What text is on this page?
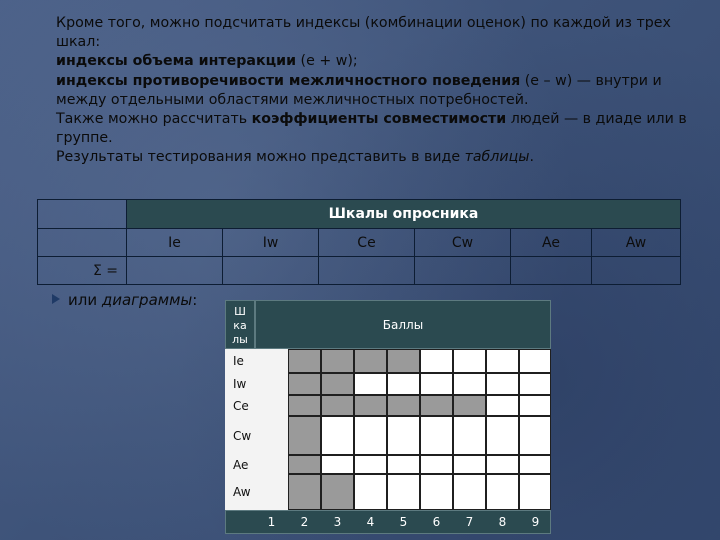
Кроме того, можно подсчитать индексы (комбинации оценок) по каждой из трех шкал:

индексы объема интеракции (е + w);

индексы противоречивости межличностного поведения (е – w) — внутри и между отдельными областями межличностных потребностей.

Также можно рассчитать коэффициенты совместимости людей — в диаде или в группе.

Результаты тестирования можно представить в виде таблицы.

	Шкалы опросника					
	Ie	Iw	Ce	Cw	Ae	Aw
Σ =						
или диаграммы:
Ш
ка
лы
Баллы
Ie
Iw
Ce
Cw
Ae
Aw
1	2	3	4	5	6	7	8	9
